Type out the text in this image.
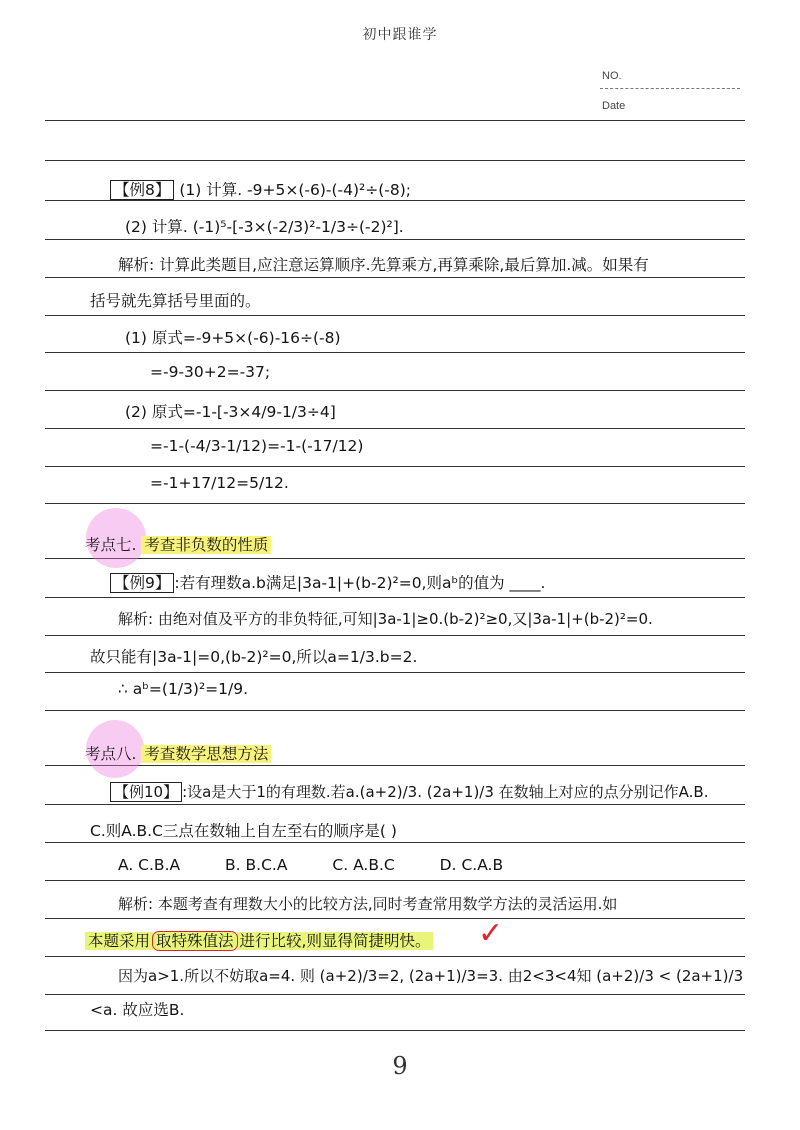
初中跟谁学
NO.
Date
【例8】 (1) 计算. -9+5×(-6)-(-4)²÷(-8);
(2) 计算. (-1)⁵-[-3×(-2/3)²-1/3÷(-2)²].
解析: 计算此类题目,应注意运算顺序.先算乘方,再算乘除,最后算加.减。如果有
括号就先算括号里面的。
(1) 原式=-9+5×(-6)-16÷(-8)
=-9-30+2=-37;
(2) 原式=-1-[-3×4/9-1/3÷4]
=-1-(-4/3-1/12)=-1-(-17/12)
=-1+17/12=5/12.
考点七. 考查非负数的性质
【例9】 :若有理数a.b满足|3a-1|+(b-2)²=0,则aᵇ的值为 ____.
解析: 由绝对值及平方的非负特征,可知|3a-1|≥0.(b-2)²≥0,又|3a-1|+(b-2)²=0.
故只能有|3a-1|=0,(b-2)²=0,所以a=1/3.b=2.
∴ aᵇ=(1/3)²=1/9.
考点八. 考查数学思想方法
【例10】 :设a是大于1的有理数.若a.(a+2)/3. (2a+1)/3 在数轴上对应的点分别记作A.B.
C.则A.B.C三点在数轴上自左至右的顺序是( )
A. C.B.A	B. B.C.A	C. A.B.C	D. C.A.B
解析: 本题考查有理数大小的比较方法,同时考查常用数学方法的灵活运用.如
本题采用 取特殊值法 进行比较,则显得简捷明快。	✓
因为a>1.所以不妨取a=4. 则 (a+2)/3=2, (2a+1)/3=3. 由2<3<4知 (a+2)/3 < (2a+1)/3
<a. 故应选B.
9
